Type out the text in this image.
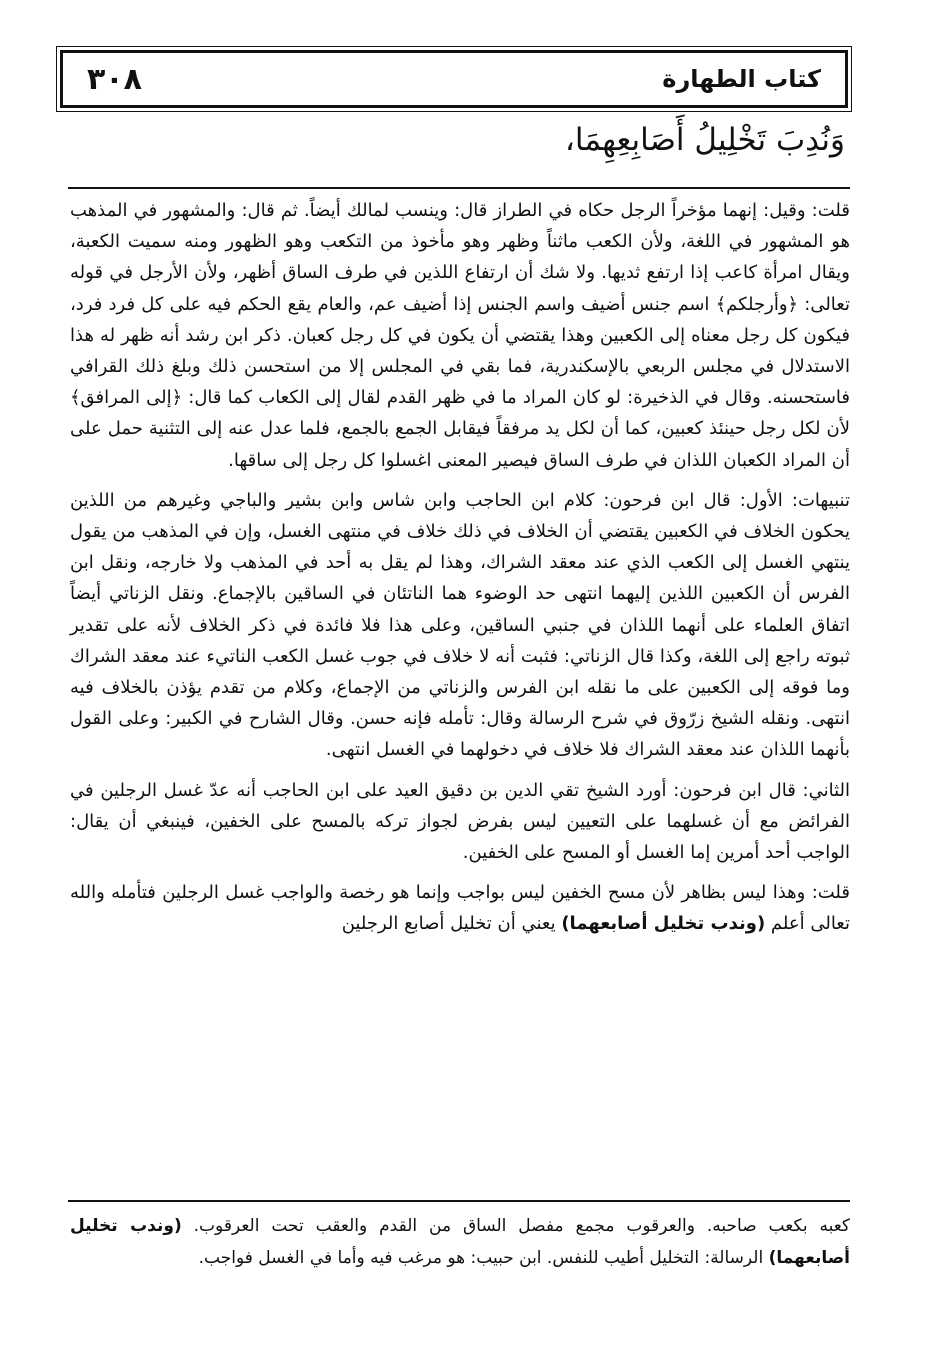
٣٠٨	كتاب الطهارة
وَنُدِبَ تَخْلِيلُ أَصَابِعِهِمَا،

قلت: وقيل: إنهما مؤخراً الرجل حكاه في الطراز قال: وينسب لمالك أيضاً. ثم قال: والمشهور في المذهب هو المشهور في اللغة، ولأن الكعب ماثناً وظهر وهو مأخوذ من التكعب وهو الظهور ومنه سميت الكعبة، ويقال امرأة كاعب إذا ارتفع ثديها. ولا شك أن ارتفاع اللذين في طرف الساق أظهر، ولأن الأرجل في قوله تعالى: ﴿وأرجلكم﴾ اسم جنس أضيف واسم الجنس إذا أضيف عم، والعام يقع الحكم فيه على كل فرد فرد، فيكون كل رجل معناه إلى الكعبين وهذا يقتضي أن يكون في كل رجل كعبان. ذكر ابن رشد أنه ظهر له هذا الاستدلال في مجلس الربعي بالإسكندرية، فما بقي في المجلس إلا من استحسن ذلك وبلغ ذلك القرافي فاستحسنه. وقال في الذخيرة: لو كان المراد ما في ظهر القدم لقال إلى الكعاب كما قال: ﴿إلى المرافق﴾ لأن لكل رجل حينئذ كعبين، كما أن لكل يد مرفقاً فيقابل الجمع بالجمع، فلما عدل عنه إلى التثنية حمل على أن المراد الكعبان اللذان في طرف الساق فيصير المعنى اغسلوا كل رجل إلى ساقها.

تنبيهات: الأول: قال ابن فرحون: كلام ابن الحاجب وابن شاس وابن بشير والباجي وغيرهم من اللذين يحكون الخلاف في الكعبين يقتضي أن الخلاف في ذلك خلاف في منتهى الغسل، وإن في المذهب من يقول ينتهي الغسل إلى الكعب الذي عند معقد الشراك، وهذا لم يقل به أحد في المذهب ولا خارجه، ونقل ابن الفرس أن الكعبين اللذين إليهما انتهى حد الوضوء هما الناتئان في الساقين بالإجماع. ونقل الزناتي أيضاً اتفاق العلماء على أنهما اللذان في جنبي الساقين، وعلى هذا فلا فائدة في ذكر الخلاف لأنه على تقدير ثبوته راجع إلى اللغة، وكذا قال الزناتي: فثبت أنه لا خلاف في جوب غسل الكعب الناتيء عند معقد الشراك وما فوقه إلى الكعبين على ما نقله ابن الفرس والزناتي من الإجماع، وكلام من تقدم يؤذن بالخلاف فيه انتهى. ونقله الشيخ زرّوق في شرح الرسالة وقال: تأمله فإنه حسن. وقال الشارح في الكبير: وعلى القول بأنهما اللذان عند معقد الشراك فلا خلاف في دخولهما في الغسل انتهى.

الثاني: قال ابن فرحون: أورد الشيخ تقي الدين بن دقيق العيد على ابن الحاجب أنه عدّ غسل الرجلين في الفرائض مع أن غسلهما على التعيين ليس بفرض لجواز تركه بالمسح على الخفين، فينبغي أن يقال: الواجب أحد أمرين إما الغسل أو المسح على الخفين.

قلت: وهذا ليس بظاهر لأن مسح الخفين ليس بواجب وإنما هو رخصة والواجب غسل الرجلين فتأمله والله تعالى أعلم (وندب تخليل أصابعهما) يعني أن تخليل أصابع الرجلين

كعبه بكعب صاحبه. والعرقوب مجمع مفصل الساق من القدم والعقب تحت العرقوب. (وندب تخليل أصابعهما) الرسالة: التخليل أطيب للنفس. ابن حبيب: هو مرغب فيه وأما في الغسل فواجب.
